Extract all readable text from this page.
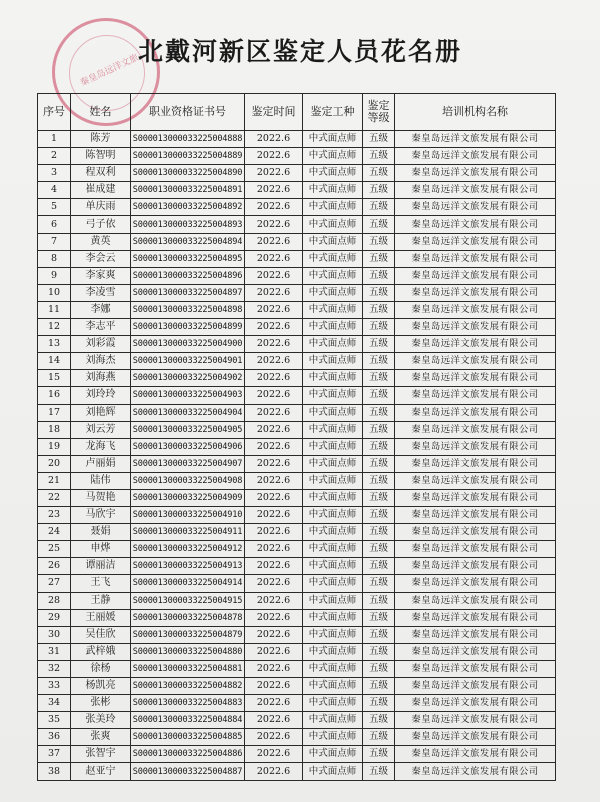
秦皇岛远洋文旅
北戴河新区鉴定人员花名册
序号	姓名	职业资格证书号	鉴定时间	鉴定工种	鉴定等级	培训机构名称
1	陈芳	S000013000033225004888	2022.6	中式面点师	五级	秦皇岛远洋文旅发展有限公司
2	陈智明	S000013000033225004889	2022.6	中式面点师	五级	秦皇岛远洋文旅发展有限公司
3	程双利	S000013000033225004890	2022.6	中式面点师	五级	秦皇岛远洋文旅发展有限公司
4	崔成建	S000013000033225004891	2022.6	中式面点师	五级	秦皇岛远洋文旅发展有限公司
5	单庆雨	S000013000033225004892	2022.6	中式面点师	五级	秦皇岛远洋文旅发展有限公司
6	弓子依	S000013000033225004893	2022.6	中式面点师	五级	秦皇岛远洋文旅发展有限公司
7	黄英	S000013000033225004894	2022.6	中式面点师	五级	秦皇岛远洋文旅发展有限公司
8	李会云	S000013000033225004895	2022.6	中式面点师	五级	秦皇岛远洋文旅发展有限公司
9	李家爽	S000013000033225004896	2022.6	中式面点师	五级	秦皇岛远洋文旅发展有限公司
10	李凌雪	S000013000033225004897	2022.6	中式面点师	五级	秦皇岛远洋文旅发展有限公司
11	李娜	S000013000033225004898	2022.6	中式面点师	五级	秦皇岛远洋文旅发展有限公司
12	李志平	S000013000033225004899	2022.6	中式面点师	五级	秦皇岛远洋文旅发展有限公司
13	刘彩霞	S000013000033225004900	2022.6	中式面点师	五级	秦皇岛远洋文旅发展有限公司
14	刘海杰	S000013000033225004901	2022.6	中式面点师	五级	秦皇岛远洋文旅发展有限公司
15	刘海燕	S000013000033225004902	2022.6	中式面点师	五级	秦皇岛远洋文旅发展有限公司
16	刘玲玲	S000013000033225004903	2022.6	中式面点师	五级	秦皇岛远洋文旅发展有限公司
17	刘艳辉	S000013000033225004904	2022.6	中式面点师	五级	秦皇岛远洋文旅发展有限公司
18	刘云芳	S000013000033225004905	2022.6	中式面点师	五级	秦皇岛远洋文旅发展有限公司
19	龙海飞	S000013000033225004906	2022.6	中式面点师	五级	秦皇岛远洋文旅发展有限公司
20	卢丽娟	S000013000033225004907	2022.6	中式面点师	五级	秦皇岛远洋文旅发展有限公司
21	陆伟	S000013000033225004908	2022.6	中式面点师	五级	秦皇岛远洋文旅发展有限公司
22	马贺艳	S000013000033225004909	2022.6	中式面点师	五级	秦皇岛远洋文旅发展有限公司
23	马欣宇	S000013000033225004910	2022.6	中式面点师	五级	秦皇岛远洋文旅发展有限公司
24	聂娟	S000013000033225004911	2022.6	中式面点师	五级	秦皇岛远洋文旅发展有限公司
25	申烨	S000013000033225004912	2022.6	中式面点师	五级	秦皇岛远洋文旅发展有限公司
26	谭丽洁	S000013000033225004913	2022.6	中式面点师	五级	秦皇岛远洋文旅发展有限公司
27	王飞	S000013000033225004914	2022.6	中式面点师	五级	秦皇岛远洋文旅发展有限公司
28	王静	S000013000033225004915	2022.6	中式面点师	五级	秦皇岛远洋文旅发展有限公司
29	王丽媛	S000013000033225004878	2022.6	中式面点师	五级	秦皇岛远洋文旅发展有限公司
30	吴佳欣	S000013000033225004879	2022.6	中式面点师	五级	秦皇岛远洋文旅发展有限公司
31	武梓娥	S000013000033225004880	2022.6	中式面点师	五级	秦皇岛远洋文旅发展有限公司
32	徐杨	S000013000033225004881	2022.6	中式面点师	五级	秦皇岛远洋文旅发展有限公司
33	杨凯亮	S000013000033225004882	2022.6	中式面点师	五级	秦皇岛远洋文旅发展有限公司
34	张彬	S000013000033225004883	2022.6	中式面点师	五级	秦皇岛远洋文旅发展有限公司
35	张美玲	S000013000033225004884	2022.6	中式面点师	五级	秦皇岛远洋文旅发展有限公司
36	张爽	S000013000033225004885	2022.6	中式面点师	五级	秦皇岛远洋文旅发展有限公司
37	张智宇	S000013000033225004886	2022.6	中式面点师	五级	秦皇岛远洋文旅发展有限公司
38	赵亚宁	S000013000033225004887	2022.6	中式面点师	五级	秦皇岛远洋文旅发展有限公司
